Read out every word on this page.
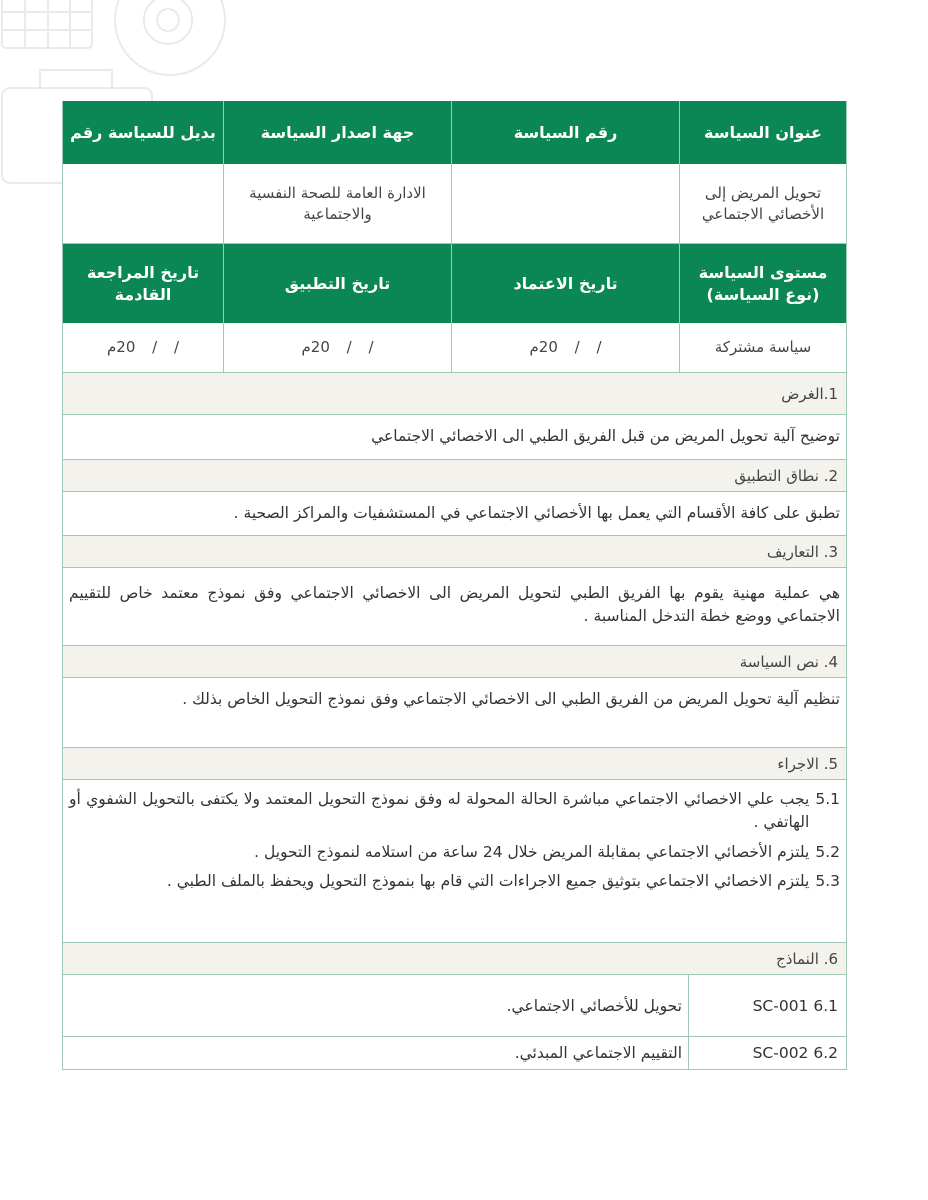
عنوان السياسة
رقم السياسة
جهة اصدار السياسة
بديل للسياسة رقم
تحويل المريض إلى الأخصائي الاجتماعي
الادارة العامة للصحة النفسية والاجتماعية
مستوى السياسة (نوع السياسة)
تاريخ الاعتماد
تاريخ التطبيق
تاريخ المراجعة القادمة
سياسة مشتركة
/ / 20م
/ / 20م
/ / 20م
1.الغرض
توضيح آلية تحويل المريض من قبل الفريق الطبي الى الاخصائي الاجتماعي
2. نطاق التطبيق
تطبق على كافة الأقسام التي يعمل بها الأخصائي الاجتماعي في المستشفيات والمراكز الصحية .
3. التعاريف
هي عملية مهنية يقوم بها الفريق الطبي لتحويل المريض الى الاخصائي الاجتماعي وفق نموذج معتمد خاص للتقييم الاجتماعي ووضع خطة التدخل المناسبة .
4. نص السياسة
تنظيم آلية تحويل المريض من الفريق الطبي الى الاخصائي الاجتماعي وفق نموذج التحويل الخاص بذلك .
5. الاجراء
5.1
يجب علي الاخصائي الاجتماعي مباشرة الحالة المحولة له وفق نموذج التحويل المعتمد ولا يكتفى بالتحويل الشفوي أو الهاتفي .
5.2
يلتزم الأخصائي الاجتماعي بمقابلة المريض خلال 24 ساعة من استلامه لنموذج التحويل .
5.3
يلتزم الاخصائي الاجتماعي بتوثيق جميع الاجراءات التي قام بها بنموذج التحويل ويحفظ بالملف الطبي .
6. النماذج
SC-001 6.1
تحويل للأخصائي الاجتماعي.
SC-002 6.2
التقييم الاجتماعي المبدئي.
